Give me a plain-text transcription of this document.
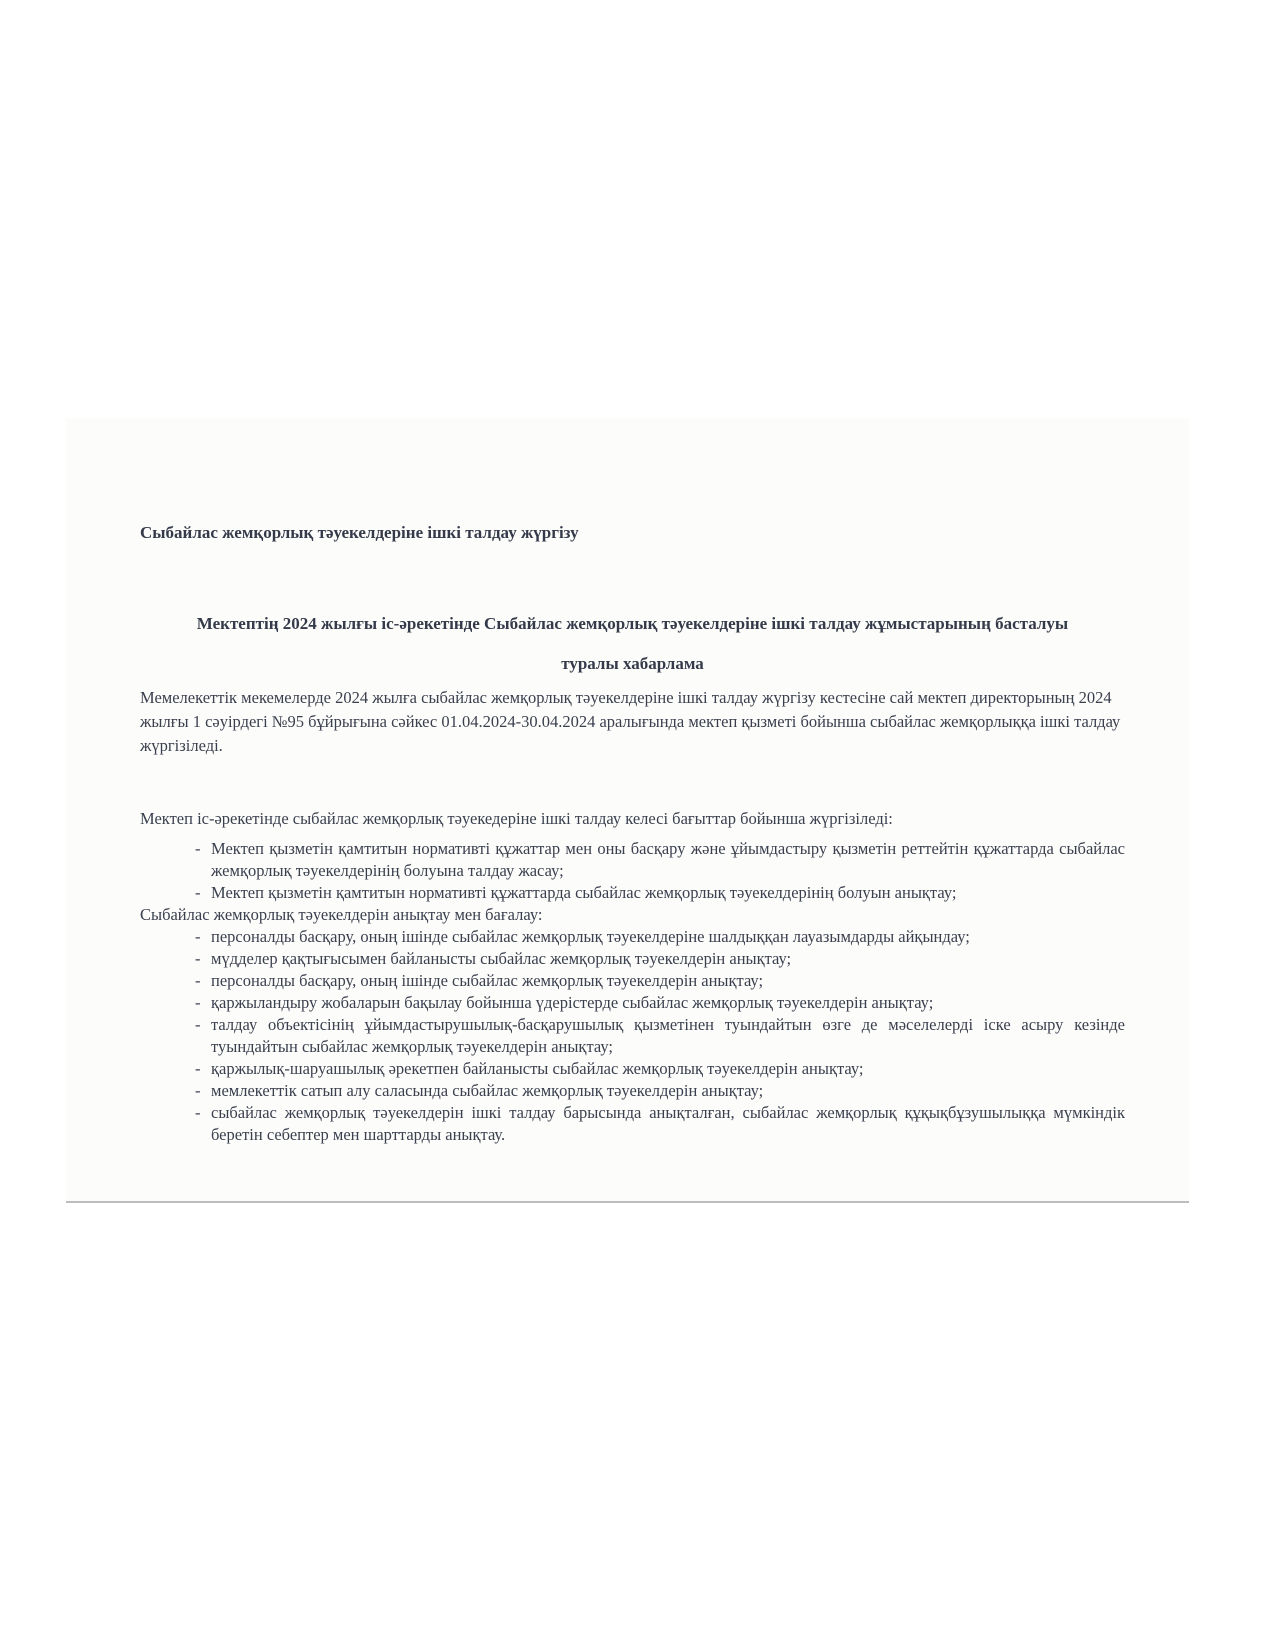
Сыбайлас жемқорлық тәуекелдеріне ішкі талдау жүргізу

Мектептің 2024 жылғы іс-әрекетінде Сыбайлас жемқорлық тәуекелдеріне ішкі талдау жұмыстарының басталуы
туралы хабарлама

Мемелекеттік мекемелерде 2024 жылға сыбайлас жемқорлық тәуекелдеріне ішкі талдау жүргізу кестесіне сай мектеп директорының 2024 жылғы 1 сәуірдегі №95 бұйрығына сәйкес 01.04.2024-30.04.2024 аралығында мектеп қызметі бойынша сыбайлас жемқорлыққа ішкі талдау жүргізіледі.

Мектеп іс-әрекетінде сыбайлас жемқорлық тәуекедеріне ішкі талдау келесі бағыттар бойынша жүргізіледі:

- Мектеп қызметін қамтитын нормативті құжаттар мен оны басқару және ұйымдастыру қызметін реттейтін құжаттарда сыбайлас жемқорлық тәуекелдерінің болуына талдау жасау;
- Мектеп қызметін қамтитын нормативті құжаттарда сыбайлас жемқорлық тәуекелдерінің болуын анықтау;

Сыбайлас жемқорлық тәуекелдерін анықтау мен бағалау:

- персоналды басқару, оның ішінде сыбайлас жемқорлық тәуекелдеріне шалдыққан лауазымдарды айқындау;
- мүдделер қақтығысымен байланысты сыбайлас жемқорлық тәуекелдерін анықтау;
- персоналды басқару, оның ішінде сыбайлас жемқорлық тәуекелдерін анықтау;
- қаржыландыру жобаларын бақылау бойынша үдерістерде сыбайлас жемқорлық тәуекелдерін анықтау;
- талдау объектісінің ұйымдастырушылық-басқарушылық қызметінен туындайтын өзге де мәселелерді іске асыру кезінде туындайтын сыбайлас жемқорлық тәуекелдерін анықтау;
- қаржылық-шаруашылық әрекетпен байланысты сыбайлас жемқорлық тәуекелдерін анықтау;
- мемлекеттік сатып алу саласында сыбайлас жемқорлық тәуекелдерін анықтау;
- сыбайлас жемқорлық тәуекелдерін ішкі талдау барысында анықталған, сыбайлас жемқорлық құқықбұзушылыққа мүмкіндік беретін себептер мен шарттарды анықтау.
